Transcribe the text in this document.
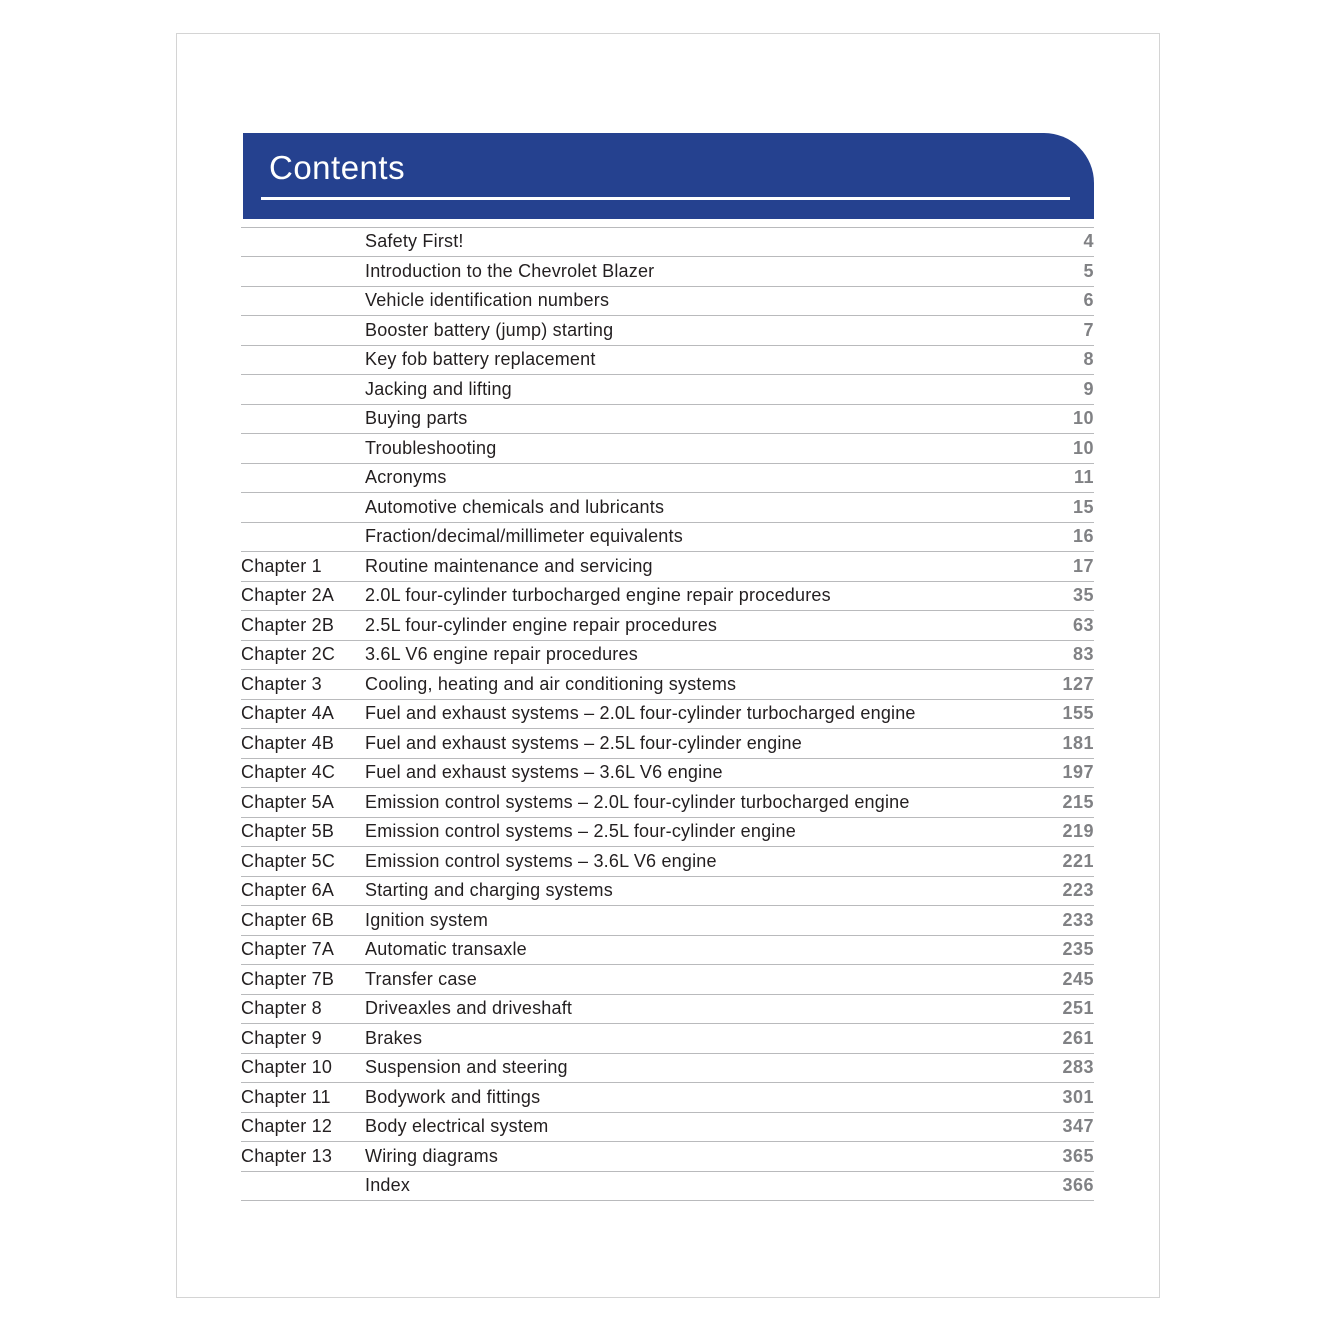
Contents
Safety First!	4
Introduction to the Chevrolet Blazer	5
Vehicle identification numbers	6
Booster battery (jump) starting	7
Key fob battery replacement	8
Jacking and lifting	9
Buying parts	10
Troubleshooting	10
Acronyms	11
Automotive chemicals and lubricants	15
Fraction/decimal/millimeter equivalents	16
Chapter 1	Routine maintenance and servicing	17
Chapter 2A	2.0L four-cylinder turbocharged engine repair procedures	35
Chapter 2B	2.5L four-cylinder engine repair procedures	63
Chapter 2C	3.6L V6 engine repair procedures	83
Chapter 3	Cooling, heating and air conditioning systems	127
Chapter 4A	Fuel and exhaust systems – 2.0L four-cylinder turbocharged engine	155
Chapter 4B	Fuel and exhaust systems – 2.5L four-cylinder engine	181
Chapter 4C	Fuel and exhaust systems – 3.6L V6 engine	197
Chapter 5A	Emission control systems – 2.0L four-cylinder turbocharged engine	215
Chapter 5B	Emission control systems – 2.5L four-cylinder engine	219
Chapter 5C	Emission control systems – 3.6L V6 engine	221
Chapter 6A	Starting and charging systems	223
Chapter 6B	Ignition system	233
Chapter 7A	Automatic transaxle	235
Chapter 7B	Transfer case	245
Chapter 8	Driveaxles and driveshaft	251
Chapter 9	Brakes	261
Chapter 10	Suspension and steering	283
Chapter 11	Bodywork and fittings	301
Chapter 12	Body electrical system	347
Chapter 13	Wiring diagrams	365
Index	366
